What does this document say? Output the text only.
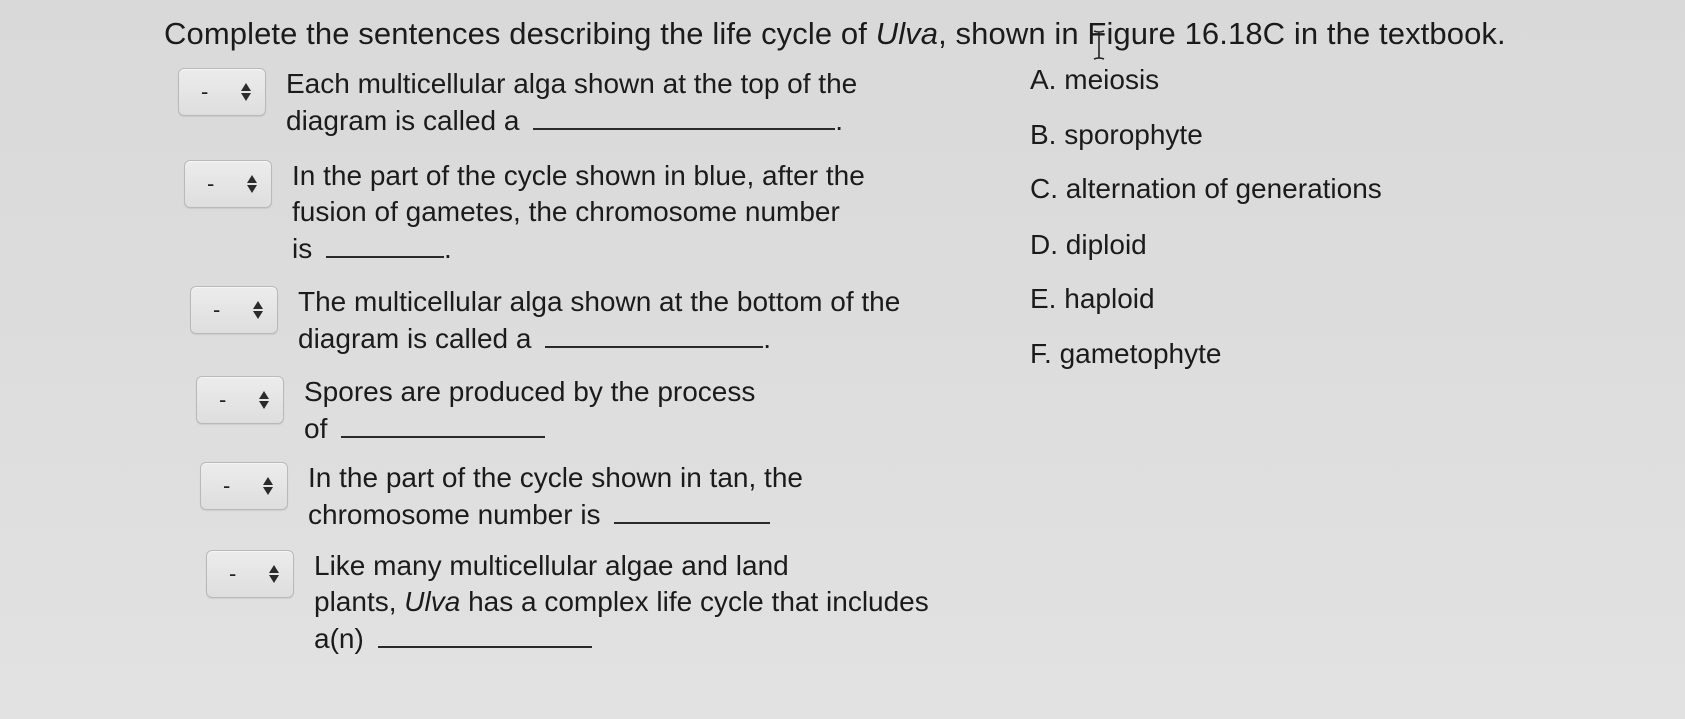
Complete the sentences describing the life cycle of Ulva, shown in Figure 16.18C in the textbook.
-	Each multicellular alga shown at the top of the
diagram is called a	.
-	In the part of the cycle shown in blue, after the
fusion of gametes, the chromosome number
is	.
-	The multicellular alga shown at the bottom of the
diagram is called a	.
-	Spores are produced by the process
of
-	In the part of the cycle shown in tan, the
chromosome number is
-	Like many multicellular algae and land
plants, Ulva has a complex life cycle that includes
a(n)
A. meiosis
B. sporophyte
C. alternation of generations
D. diploid
E. haploid
F. gametophyte
